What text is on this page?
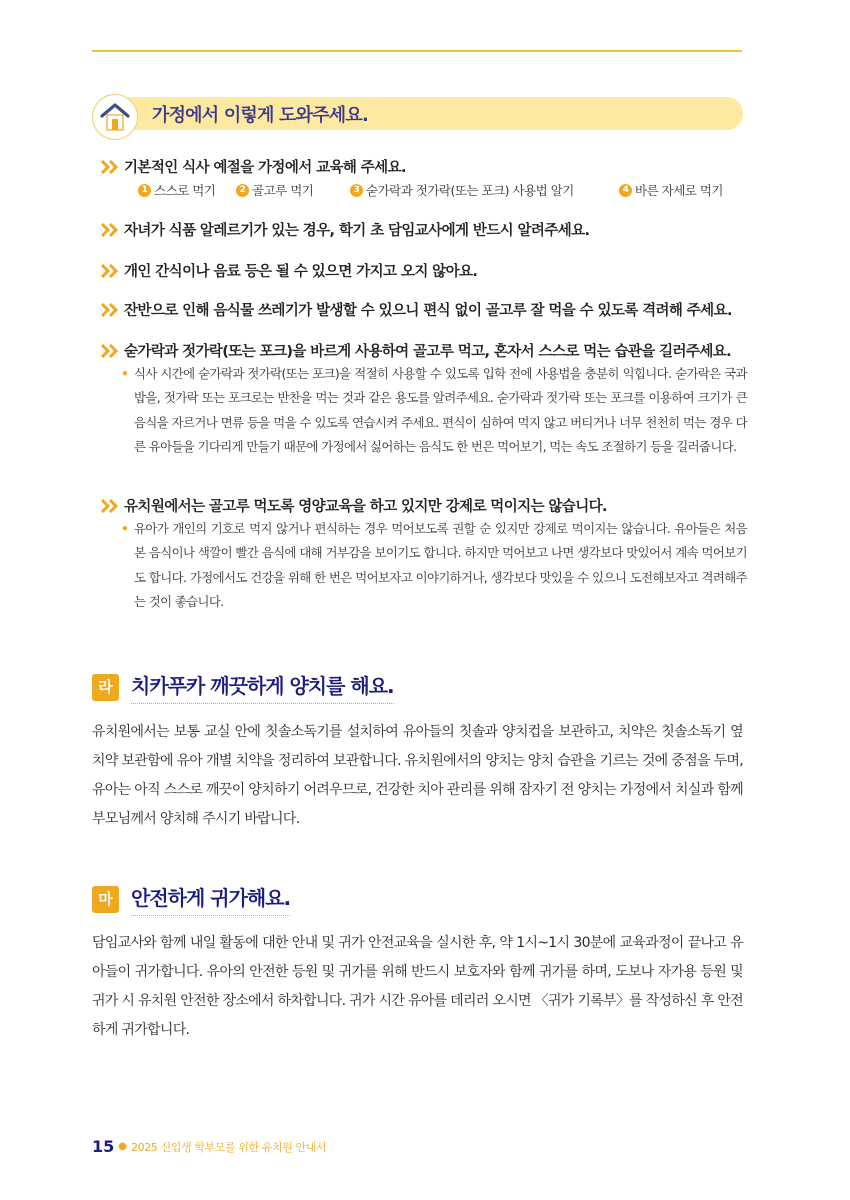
가정에서 이렇게 도와주세요.
기본적인 식사 예절을 가정에서 교육해 주세요.
1 스스로 먹기	2 골고루 먹기	3 숟가락과 젓가락(또는 포크) 사용법 알기	4 바른 자세로 먹기
자녀가 식품 알레르기가 있는 경우, 학기 초 담임교사에게 반드시 알려주세요.
개인 간식이나 음료 등은 될 수 있으면 가지고 오지 않아요.
잔반으로 인해 음식물 쓰레기가 발생할 수 있으니 편식 없이 골고루 잘 먹을 수 있도록 격려해 주세요.
숟가락과 젓가락(또는 포크)을 바르게 사용하여 골고루 먹고, 혼자서 스스로 먹는 습관을 길러주세요.
• 식사 시간에 숟가락과 젓가락(또는 포크)을 적절히 사용할 수 있도록 입학 전에 사용법을 충분히 익힙니다. 숟가락은 국과 밥을, 젓가락 또는 포크로는 반찬을 먹는 것과 같은 용도를 알려주세요. 숟가락과 젓가락 또는 포크를 이용하여 크기가 큰 음식을 자르거나 면류 등을 먹을 수 있도록 연습시켜 주세요. 편식이 심하여 먹지 않고 버티거나 너무 천천히 먹는 경우 다른 유아들을 기다리게 만들기 때문에 가정에서 싫어하는 음식도 한 번은 먹어보기, 먹는 속도 조절하기 등을 길러줍니다.
유치원에서는 골고루 먹도록 영양교육을 하고 있지만 강제로 먹이지는 않습니다.
• 유아가 개인의 기호로 먹지 않거나 편식하는 경우 먹어보도록 권할 순 있지만 강제로 먹이지는 않습니다. 유아들은 처음 본 음식이나 색깔이 빨간 음식에 대해 거부감을 보이기도 합니다. 하지만 먹어보고 나면 생각보다 맛있어서 계속 먹어보기도 합니다. 가정에서도 건강을 위해 한 번은 먹어보자고 이야기하거나, 생각보다 맛있을 수 있으니 도전해보자고 격려해주는 것이 좋습니다.
라 치카푸카 깨끗하게 양치를 해요.
유치원에서는 보통 교실 안에 칫솔소독기를 설치하여 유아들의 칫솔과 양치컵을 보관하고, 치약은 칫솔소독기 옆 치약 보관함에 유아 개별 치약을 정리하여 보관합니다. 유치원에서의 양치는 양치 습관을 기르는 것에 중점을 두며, 유아는 아직 스스로 깨끗이 양치하기 어려우므로, 건강한 치아 관리를 위해 잠자기 전 양치는 가정에서 치실과 함께 부모님께서 양치해 주시기 바랍니다.
마 안전하게 귀가해요.
담임교사와 함께 내일 활동에 대한 안내 및 귀가 안전교육을 실시한 후, 약 1시~1시 30분에 교육과정이 끝나고 유아들이 귀가합니다. 유아의 안전한 등원 및 귀가를 위해 반드시 보호자와 함께 귀가를 하며, 도보나 자가용 등원 및 귀가 시 유치원 안전한 장소에서 하차합니다. 귀가 시간 유아를 데리러 오시면 〈귀가 기록부〉를 작성하신 후 안전하게 귀가합니다.
15 ● 2025 신입생 학부모를 위한 유치원 안내서
